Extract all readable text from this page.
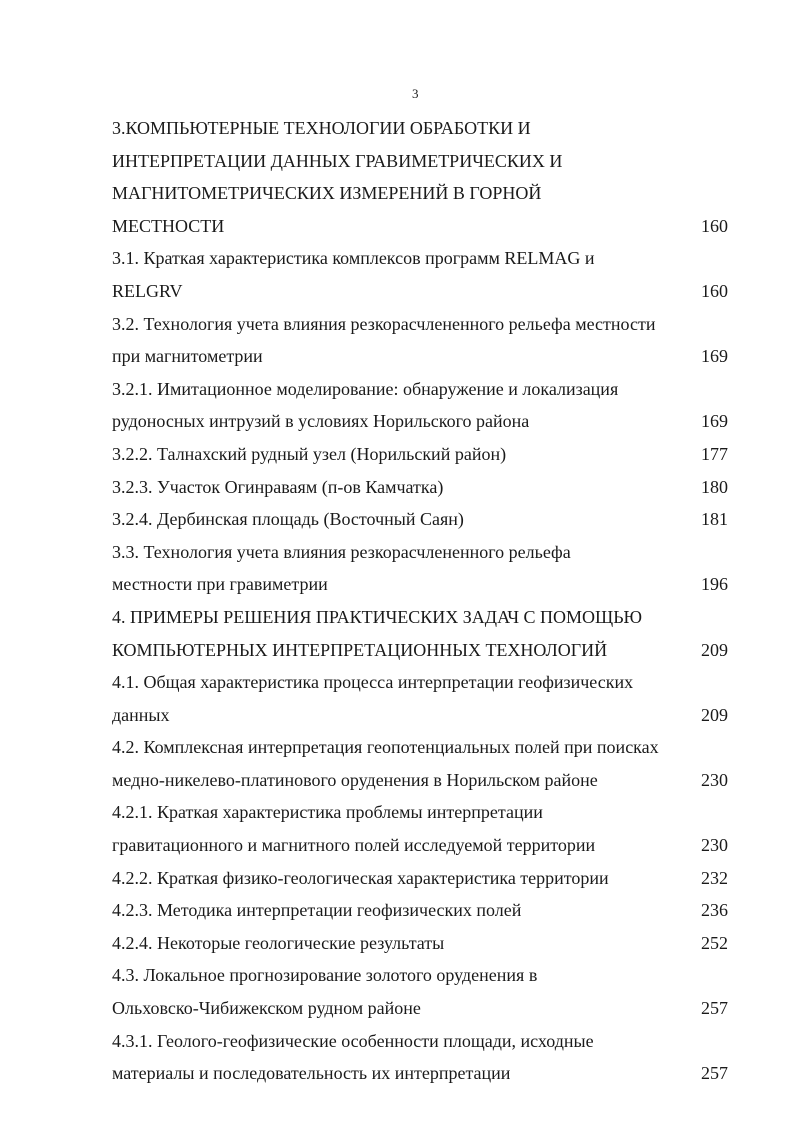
3
3.КОМПЬЮТЕРНЫЕ ТЕХНОЛОГИИ ОБРАБОТКИ И
ИНТЕРПРЕТАЦИИ ДАННЫХ ГРАВИМЕТРИЧЕСКИХ И
МАГНИТОМЕТРИЧЕСКИХ ИЗМЕРЕНИЙ В ГОРНОЙ
МЕСТНОСТИ	160
3.1. Краткая характеристика комплексов программ RELMAG и
RELGRV	160
3.2. Технология учета влияния резкорасчлененного рельефа местности
при магнитометрии	169
3.2.1. Имитационное моделирование: обнаружение и локализация
рудоносных интрузий в условиях Норильского района	169
3.2.2. Талнахский рудный узел (Норильский район)	177
3.2.3. Участок Огинраваям (п-ов Камчатка)	180
3.2.4. Дербинская площадь (Восточный Саян)	181
3.3. Технология учета влияния резкорасчлененного рельефа
местности при гравиметрии	196
4. ПРИМЕРЫ РЕШЕНИЯ ПРАКТИЧЕСКИХ ЗАДАЧ С ПОМОЩЬЮ
КОМПЬЮТЕРНЫХ ИНТЕРПРЕТАЦИОННЫХ ТЕХНОЛОГИЙ	209
4.1. Общая характеристика процесса интерпретации геофизических
данных	209
4.2. Комплексная интерпретация геопотенциальных полей при поисках
медно-никелево-платинового оруденения в Норильском районе	230
4.2.1. Краткая характеристика проблемы интерпретации
гравитационного и магнитного полей исследуемой территории	230
4.2.2. Краткая физико-геологическая характеристика территории	232
4.2.3. Методика интерпретации геофизических полей	236
4.2.4. Некоторые геологические результаты	252
4.3. Локальное прогнозирование золотого оруденения в
Ольховско-Чибижекском рудном районе	257
4.3.1. Геолого-геофизические особенности площади, исходные
материалы и последовательность их интерпретации	257
